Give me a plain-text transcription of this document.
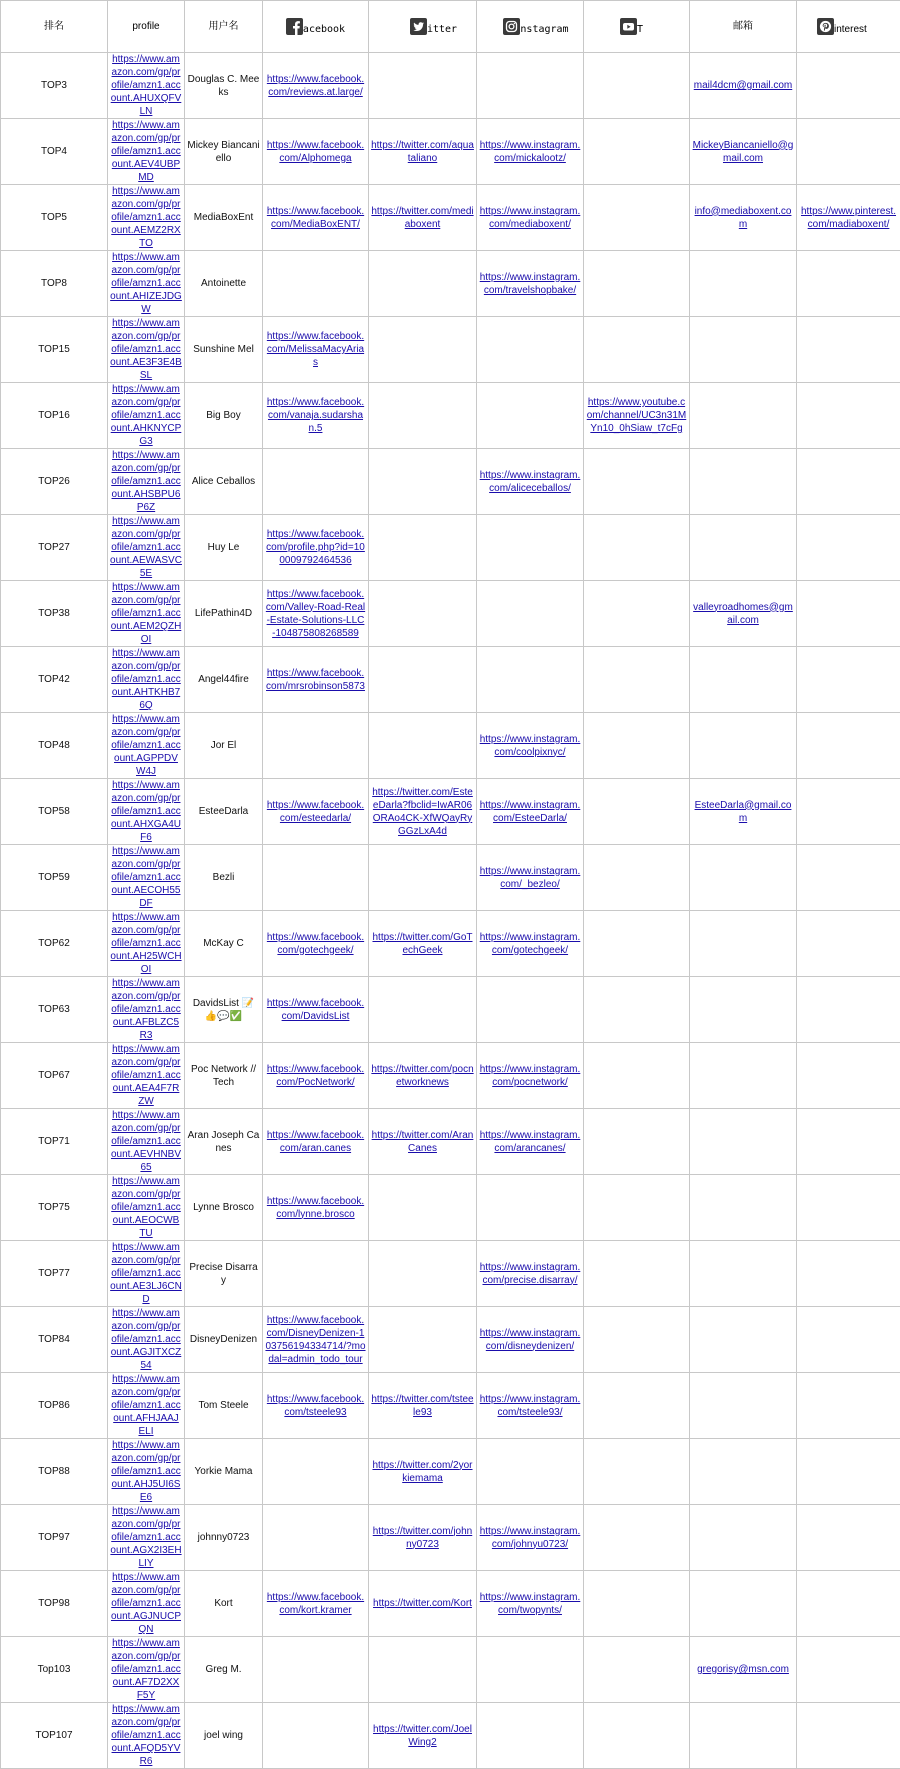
排名	profile	用户名	acebook	itter	nstagram	T	邮箱	interest
TOP3	https://www.amazon.com/gp/profile/amzn1.account.AHUXQFVLN	Douglas C. Meeks	https://www.facebook.com/reviews.at.large/				mail4dcm@gmail.com	
TOP4	https://www.amazon.com/gp/profile/amzn1.account.AEV4UBPMD	Mickey Biancaniello	https://www.facebook.com/Alphomega	https://twitter.com/aquataliano	https://www.instagram.com/mickalootz/		MickeyBiancaniello@gmail.com	
TOP5	https://www.amazon.com/gp/profile/amzn1.account.AEMZ2RXTO	MediaBoxEnt	https://www.facebook.com/MediaBoxENT/	https://twitter.com/mediaboxent	https://www.instagram.com/mediaboxent/		info@mediaboxent.com	https://www.pinterest.com/madiaboxent/
TOP8	https://www.amazon.com/gp/profile/amzn1.account.AHIZEJDGW	Antoinette			https://www.instagram.com/travelshopbake/			
TOP15	https://www.amazon.com/gp/profile/amzn1.account.AE3F3E4BSL	Sunshine Mel	https://www.facebook.com/MelissaMacyArias					
TOP16	https://www.amazon.com/gp/profile/amzn1.account.AHKNYCPG3	Big Boy	https://www.facebook.com/vanaja.sudarshan.5			https://www.youtube.com/channel/UC3n31MYn10_0hSiaw_t7cFg		
TOP26	https://www.amazon.com/gp/profile/amzn1.account.AHSBPU6P6Z	Alice Ceballos			https://www.instagram.com/aliceceballos/			
TOP27	https://www.amazon.com/gp/profile/amzn1.account.AEWASVC5E	Huy Le	https://www.facebook.com/profile.php?id=100009792464536					
TOP38	https://www.amazon.com/gp/profile/amzn1.account.AEM2QZHOI	LifePathin4D	https://www.facebook.com/Valley-Road-Real-Estate-Solutions-LLC-104875808268589				valleyroadhomes@gmail.com	
TOP42	https://www.amazon.com/gp/profile/amzn1.account.AHTKHB76Q	Angel44fire	https://www.facebook.com/mrsrobinson5873					
TOP48	https://www.amazon.com/gp/profile/amzn1.account.AGPPDVW4J	Jor El			https://www.instagram.com/coolpixnyc/			
TOP58	https://www.amazon.com/gp/profile/amzn1.account.AHXGA4UF6	EsteeDarla	https://www.facebook.com/esteedarla/	https://twitter.com/EsteeDarla?fbclid=IwAR06ORAo4CK-XfWQayRyGGzLxA4d	https://www.instagram.com/EsteeDarla/		EsteeDarla@gmail.com	
TOP59	https://www.amazon.com/gp/profile/amzn1.account.AECOH55DF	Bezli			https://www.instagram.com/_bezleo/			
TOP62	https://www.amazon.com/gp/profile/amzn1.account.AH25WCHOI	McKay C	https://www.facebook.com/gotechgeek/	https://twitter.com/GoTechGeek	https://www.instagram.com/gotechgeek/			
TOP63	https://www.amazon.com/gp/profile/amzn1.account.AFBLZC5R3	DavidsList 📝👍💬✅	https://www.facebook.com/DavidsList					
TOP67	https://www.amazon.com/gp/profile/amzn1.account.AEA4F7RZW	Poc Network // Tech	https://www.facebook.com/PocNetwork/	https://twitter.com/pocnetworknews	https://www.instagram.com/pocnetwork/			
TOP71	https://www.amazon.com/gp/profile/amzn1.account.AEVHNBV65	Aran Joseph Canes	https://www.facebook.com/aran.canes	https://twitter.com/AranCanes	https://www.instagram.com/arancanes/			
TOP75	https://www.amazon.com/gp/profile/amzn1.account.AEOCWBTU	Lynne Brosco	https://www.facebook.com/lynne.brosco					
TOP77	https://www.amazon.com/gp/profile/amzn1.account.AE3LJ6CND	Precise Disarray			https://www.instagram.com/precise.disarray/			
TOP84	https://www.amazon.com/gp/profile/amzn1.account.AGJITXCZ54	DisneyDenizen	https://www.facebook.com/DisneyDenizen-103756194334714/?modal=admin_todo_tour		https://www.instagram.com/disneydenizen/			
TOP86	https://www.amazon.com/gp/profile/amzn1.account.AFHJAAJELI	Tom Steele	https://www.facebook.com/tsteele93	https://twitter.com/tsteele93	https://www.instagram.com/tsteele93/			
TOP88	https://www.amazon.com/gp/profile/amzn1.account.AHJ5UI6SE6	Yorkie Mama		https://twitter.com/2yorkiemama				
TOP97	https://www.amazon.com/gp/profile/amzn1.account.AGX2I3EHLIY	johnny0723		https://twitter.com/johnny0723	https://www.instagram.com/johnyu0723/			
TOP98	https://www.amazon.com/gp/profile/amzn1.account.AGJNUCPQN	Kort	https://www.facebook.com/kort.kramer	https://twitter.com/Kort	https://www.instagram.com/twopynts/			
Top103	https://www.amazon.com/gp/profile/amzn1.account.AF7D2XXF5Y	Greg M.					gregorisy@msn.com	
TOP107	https://www.amazon.com/gp/profile/amzn1.account.AFQD5YVR6	joel wing		https://twitter.com/JoelWing2				
